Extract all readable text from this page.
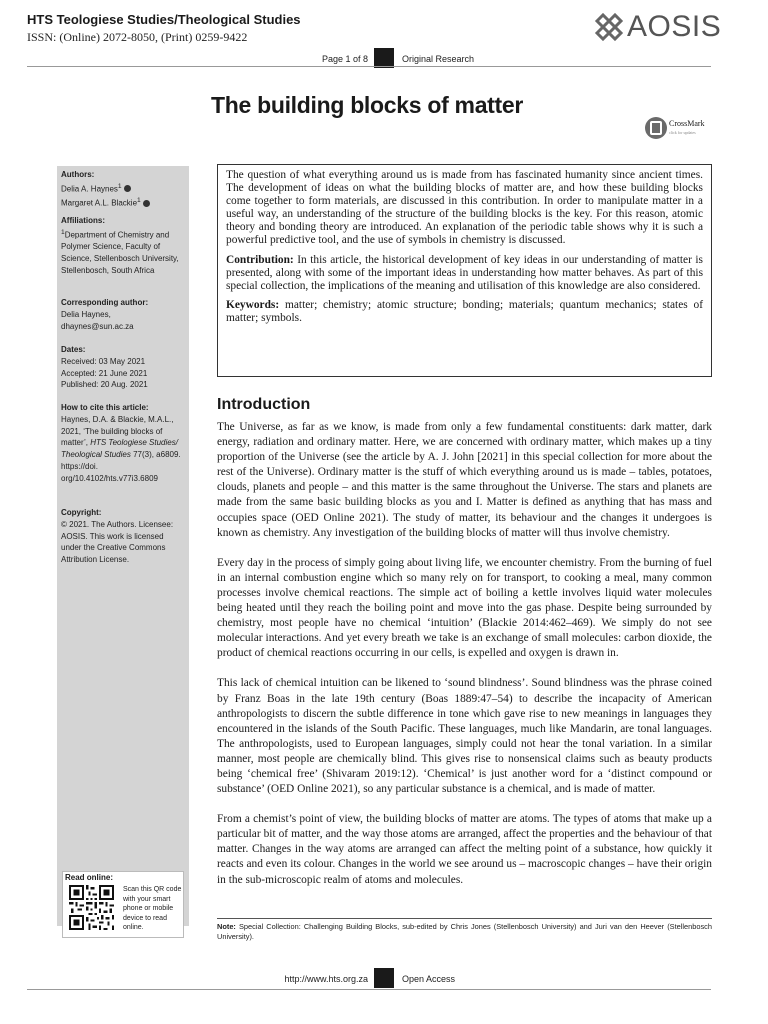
HTS Teologiese Studies/Theological Studies
ISSN: (Online) 2072-8050, (Print) 0259-9422	AOSIS
Page 1 of 8	Original Research
The building blocks of matter
CrossMark
click for updates
Authors:
Delia A. Haynes$^1$
Margaret A.L. Blackie$^1$
Affiliations:
$^1$Department of Chemistry and Polymer Science, Faculty of Science, Stellenbosch University, Stellenbosch, South Africa
Corresponding author:
Delia Haynes,
dhaynes@sun.ac.za
Dates:
Received: 03 May 2021
Accepted: 21 June 2021
Published: 20 Aug. 2021
How to cite this article:
Haynes, D.A. & Blackie, M.A.L., 2021, ‘The building blocks of matter’, HTS Teologiese Studies/ Theological Studies 77(3), a6809. https://doi. org/10.4102/hts.v77i3.6809
Copyright:
© 2021. The Authors. Licensee: AOSIS. This work is licensed under the Creative Commons Attribution License.
Read online:
Scan this QR code with your smart phone or mobile device to read online.

The question of what everything around us is made from has fascinated humanity since ancient times. The development of ideas on what the building blocks of matter are, and how these building blocks come together to form materials, are discussed in this contribution. In order to manipulate matter in a useful way, an understanding of the structure of the building blocks is the key. For this reason, atomic theory and bonding theory are introduced. An explanation of the periodic table shows why it is such a powerful predictive tool, and the use of symbols in chemistry is discussed.

Contribution: In this article, the historical development of key ideas in our understanding of matter is presented, along with some of the important ideas in understanding how matter behaves. As part of this special collection, the implications of the meaning and utilisation of this knowledge are also considered.

Keywords: matter; chemistry; atomic structure; bonding; materials; quantum mechanics; states of matter; symbols.

Introduction

The Universe, as far as we know, is made from only a few fundamental constituents: dark matter, dark energy, radiation and ordinary matter. Here, we are concerned with ordinary matter, which makes up a tiny proportion of the Universe (see the article by A. J. John [2021] in this special collection for more about the rest of the Universe). Ordinary matter is the stuff of which everything around us is made – tables, potatoes, clouds, planets and people – and this matter is the same throughout the Universe. The stars and planets are made from the same basic building blocks as you and I. Matter is defined as anything that has mass and occupies space (OED Online 2021). The study of matter, its behaviour and the changes it undergoes is known as chemistry. Any investigation of the building blocks of matter will thus involve chemistry.

Every day in the process of simply going about living life, we encounter chemistry. From the burning of fuel in an internal combustion engine which so many rely on for transport, to cooking a meal, many common processes involve chemical reactions. The simple act of boiling a kettle involves liquid water molecules being heated until they reach the boiling point and move into the gas phase. Despite being surrounded by chemistry, most people have no chemical ‘intuition’ (Blackie 2014:462–469). We simply do not see molecular interactions. And yet every breath we take is an exchange of small molecules: carbon dioxide, the product of chemical reactions occurring in our cells, is expelled and oxygen is drawn in.

This lack of chemical intuition can be likened to ‘sound blindness’. Sound blindness was the phrase coined by Franz Boas in the late 19th century (Boas 1889:47–54) to describe the incapacity of American anthropologists to discern the subtle difference in tone which gave rise to new meanings in languages they encountered in the islands of the South Pacific. These languages, much like Mandarin, are tonal languages. The anthropologists, used to European languages, simply could not hear the tonal variation. In a similar manner, most people are chemically blind. This gives rise to nonsensical claims such as beauty products being ‘chemical free’ (Shivaram 2019:12). ‘Chemical’ is just another word for a ‘distinct compound or substance’ (OED Online 2021), so any particular substance is a chemical, and is made of matter.

From a chemist’s point of view, the building blocks of matter are atoms. The types of atoms that make up a particular bit of matter, and the way those atoms are arranged, affect the properties and the behaviour of that matter. Changes in the way atoms are arranged can affect the melting point of a substance, how quickly it reacts and even its colour. Changes in the world we see around us – macroscopic changes – have their origin in the sub-microscopic realm of atoms and molecules.

Note: Special Collection: Challenging Building Blocks, sub-edited by Chris Jones (Stellenbosch University) and Juri van den Heever (Stellenbosch University).
http://www.hts.org.za	Open Access
